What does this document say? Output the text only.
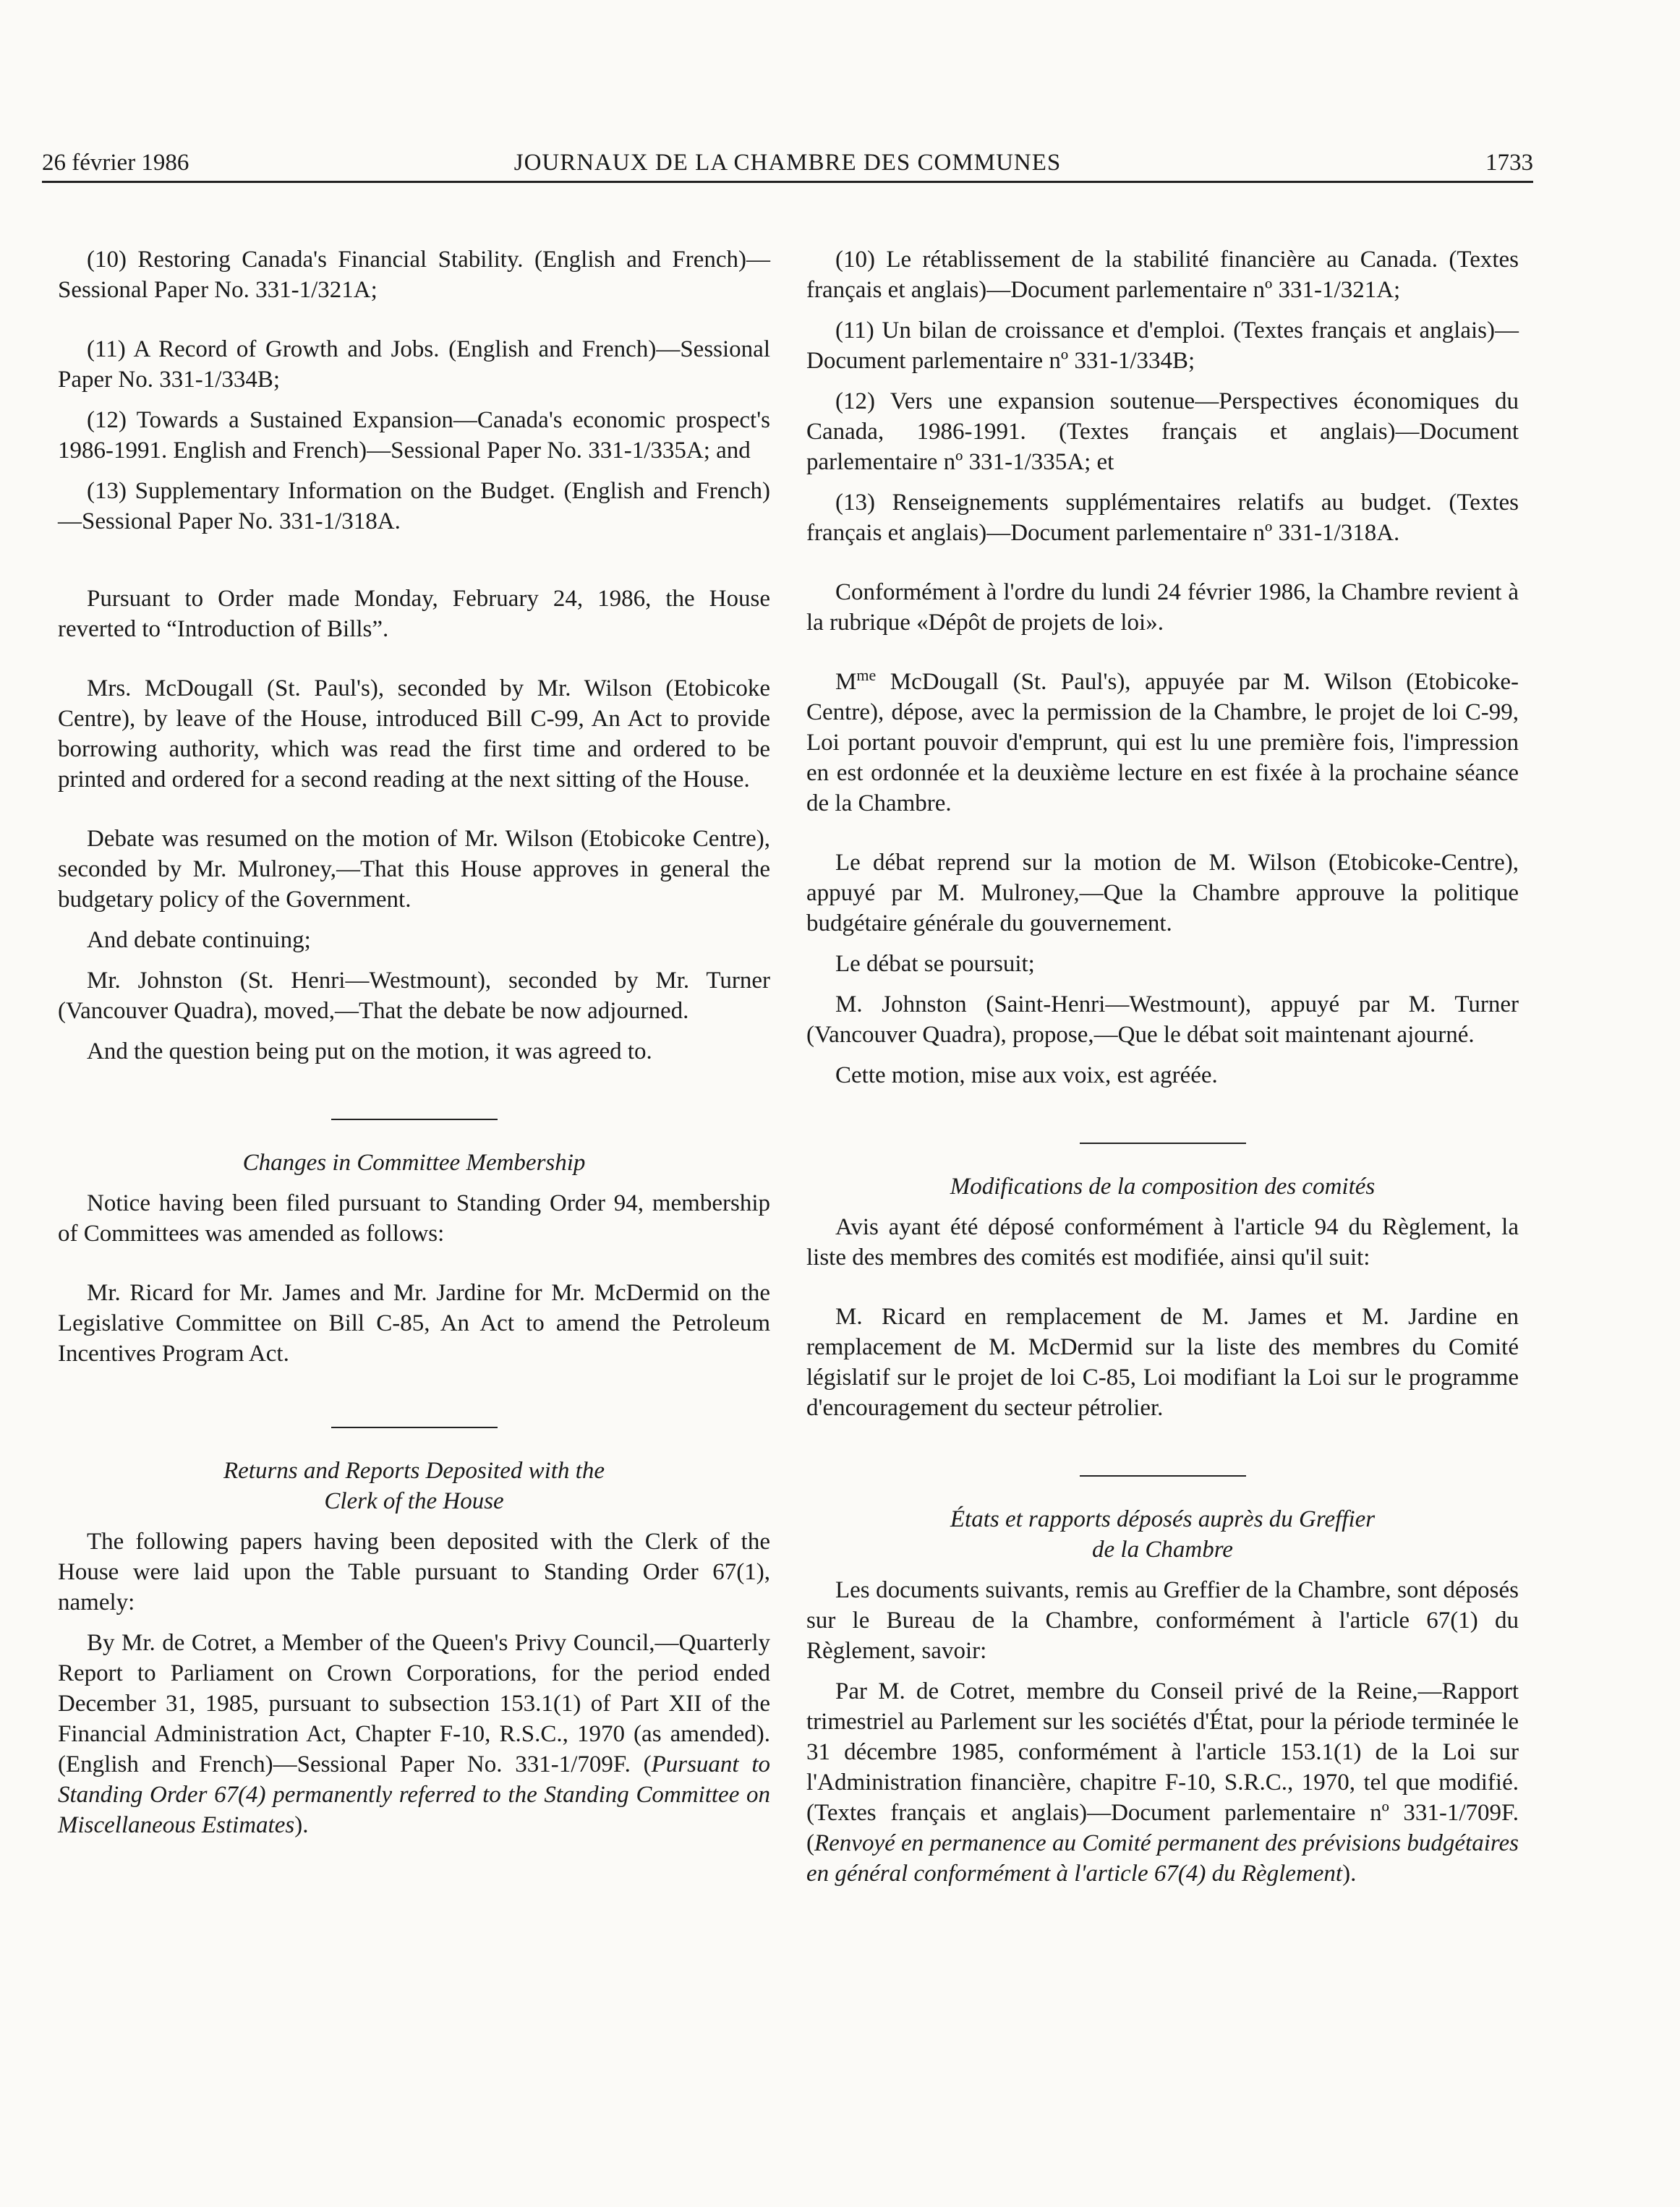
26 février 1986	JOURNAUX DE LA CHAMBRE DES COMMUNES	1733

(10) Restoring Canada's Financial Stability. (English and French)—Sessional Paper No. 331-1/321A;

(11) A Record of Growth and Jobs. (English and French)—Sessional Paper No. 331-1/334B;

(12) Towards a Sustained Expansion—Canada's economic prospect's 1986-1991. English and French)—Sessional Paper No. 331-1/335A; and

(13) Supplementary Information on the Budget. (English and French)—Sessional Paper No. 331-1/318A.

Pursuant to Order made Monday, February 24, 1986, the House reverted to “Introduction of Bills”.

Mrs. McDougall (St. Paul's), seconded by Mr. Wilson (Etobicoke Centre), by leave of the House, introduced Bill C-99, An Act to provide borrowing authority, which was read the first time and ordered to be printed and ordered for a second reading at the next sitting of the House.

Debate was resumed on the motion of Mr. Wilson (Etobicoke Centre), seconded by Mr. Mulroney,—That this House approves in general the budgetary policy of the Government.

And debate continuing;

Mr. Johnston (St. Henri—Westmount), seconded by Mr. Turner (Vancouver Quadra), moved,—That the debate be now adjourned.

And the question being put on the motion, it was agreed to.

Changes in Committee Membership

Notice having been filed pursuant to Standing Order 94, membership of Committees was amended as follows:

Mr. Ricard for Mr. James and Mr. Jardine for Mr. McDermid on the Legislative Committee on Bill C-85, An Act to amend the Petroleum Incentives Program Act.

Returns and Reports Deposited with the
Clerk of the House

The following papers having been deposited with the Clerk of the House were laid upon the Table pursuant to Standing Order 67(1), namely:

By Mr. de Cotret, a Member of the Queen's Privy Council,—Quarterly Report to Parliament on Crown Corporations, for the period ended December 31, 1985, pursuant to subsection 153.1(1) of Part XII of the Financial Administration Act, Chapter F-10, R.S.C., 1970 (as amended). (English and French)—Sessional Paper No. 331-1/709F. (Pursuant to Standing Order 67(4) permanently referred to the Standing Committee on Miscellaneous Estimates).

(10) Le rétablissement de la stabilité financière au Canada. (Textes français et anglais)—Document parlementaire nº 331-1/321A;

(11) Un bilan de croissance et d'emploi. (Textes français et anglais)—Document parlementaire nº 331-1/334B;

(12) Vers une expansion soutenue—Perspectives économiques du Canada, 1986-1991. (Textes français et anglais)—Document parlementaire nº 331-1/335A; et

(13) Renseignements supplémentaires relatifs au budget. (Textes français et anglais)—Document parlementaire nº 331-1/318A.

Conformément à l'ordre du lundi 24 février 1986, la Chambre revient à la rubrique «Dépôt de projets de loi».

$M^{me}$ McDougall (St. Paul's), appuyée par M. Wilson (Etobicoke-Centre), dépose, avec la permission de la Chambre, le projet de loi C-99, Loi portant pouvoir d'emprunt, qui est lu une première fois, l'impression en est ordonnée et la deuxième lecture en est fixée à la prochaine séance de la Chambre.

Le débat reprend sur la motion de M. Wilson (Etobicoke-Centre), appuyé par M. Mulroney,—Que la Chambre approuve la politique budgétaire générale du gouvernement.

Le débat se poursuit;

M. Johnston (Saint-Henri—Westmount), appuyé par M. Turner (Vancouver Quadra), propose,—Que le débat soit maintenant ajourné.

Cette motion, mise aux voix, est agréée.

Modifications de la composition des comités

Avis ayant été déposé conformément à l'article 94 du Règlement, la liste des membres des comités est modifiée, ainsi qu'il suit:

M. Ricard en remplacement de M. James et M. Jardine en remplacement de M. McDermid sur la liste des membres du Comité législatif sur le projet de loi C-85, Loi modifiant la Loi sur le programme d'encouragement du secteur pétrolier.

États et rapports déposés auprès du Greffier
de la Chambre

Les documents suivants, remis au Greffier de la Chambre, sont déposés sur le Bureau de la Chambre, conformément à l'article 67(1) du Règlement, savoir:

Par M. de Cotret, membre du Conseil privé de la Reine,—Rapport trimestriel au Parlement sur les sociétés d'État, pour la période terminée le 31 décembre 1985, conformément à l'article 153.1(1) de la Loi sur l'Administration financière, chapitre F-10, S.R.C., 1970, tel que modifié. (Textes français et anglais)—Document parlementaire nº 331-1/709F. (Renvoyé en permanence au Comité permanent des prévisions budgétaires en général conformément à l'article 67(4) du Règlement).
